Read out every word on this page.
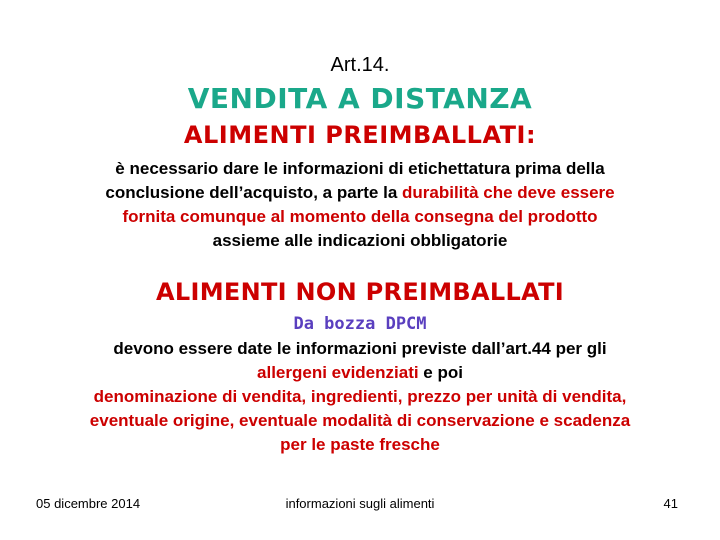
Art.14.
VENDITA A DISTANZA
ALIMENTI PREIMBALLATI:
è necessario dare le informazioni di etichettatura prima della
conclusione dell’acquisto, a parte la durabilità che deve essere
fornita comunque al momento della consegna del prodotto
assieme alle indicazioni obbligatorie
ALIMENTI NON PREIMBALLATI
Da bozza DPCM
devono essere date le informazioni previste dall’art.44 per gli
allergeni evidenziati e poi
denominazione di vendita, ingredienti, prezzo per unità di vendita,
eventuale origine, eventuale modalità di conservazione e scadenza
per le paste fresche
05 dicembre 2014	informazioni sugli alimenti	41
